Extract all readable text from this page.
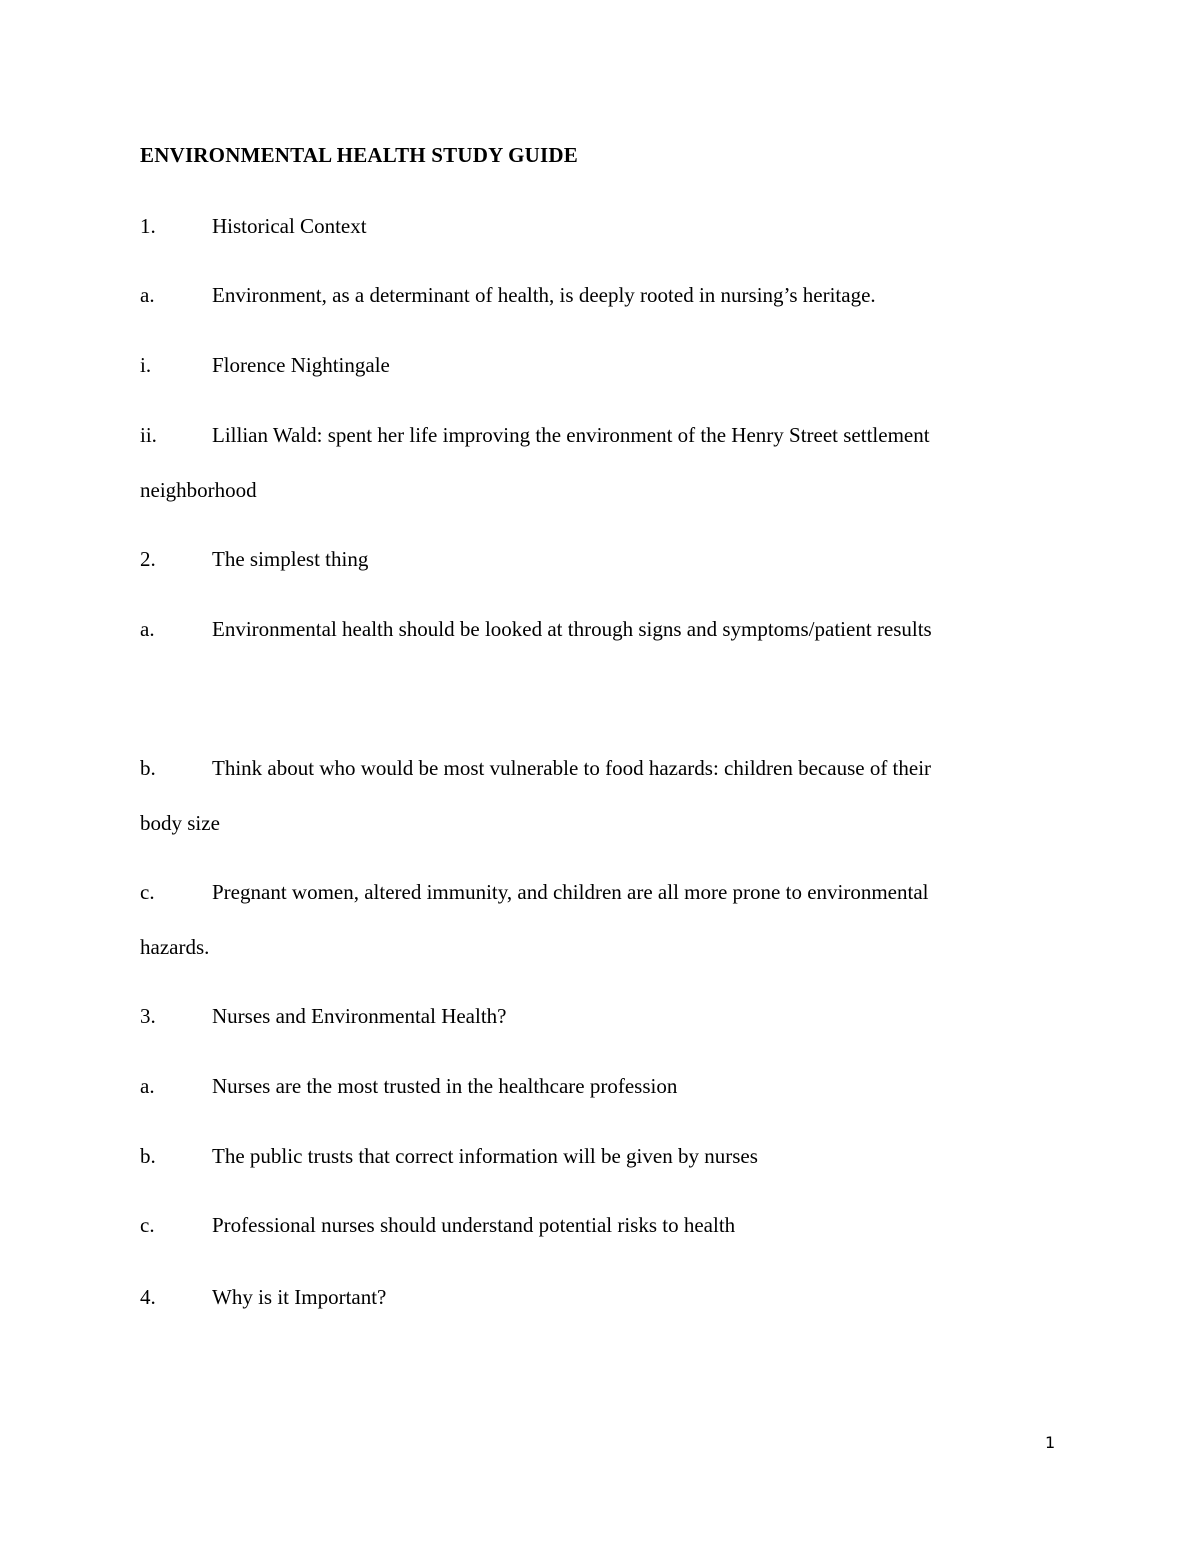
ENVIRONMENTAL HEALTH STUDY GUIDE
1.	Historical Context
a.	Environment, as a determinant of health, is deeply rooted in nursing’s heritage.
i.	Florence Nightingale
ii.	Lillian Wald: spent her life improving the environment of the Henry Street settlement
neighborhood
2.	The simplest thing
a.	Environmental health should be looked at through signs and symptoms/patient results
b.	Think about who would be most vulnerable to food hazards: children because of their
body size
c.	Pregnant women, altered immunity, and children are all more prone to environmental
hazards.
3.	Nurses and Environmental Health?
a.	Nurses are the most trusted in the healthcare profession
b.	The public trusts that correct information will be given by nurses
c.	Professional nurses should understand potential risks to health
4.	Why is it Important?
1
